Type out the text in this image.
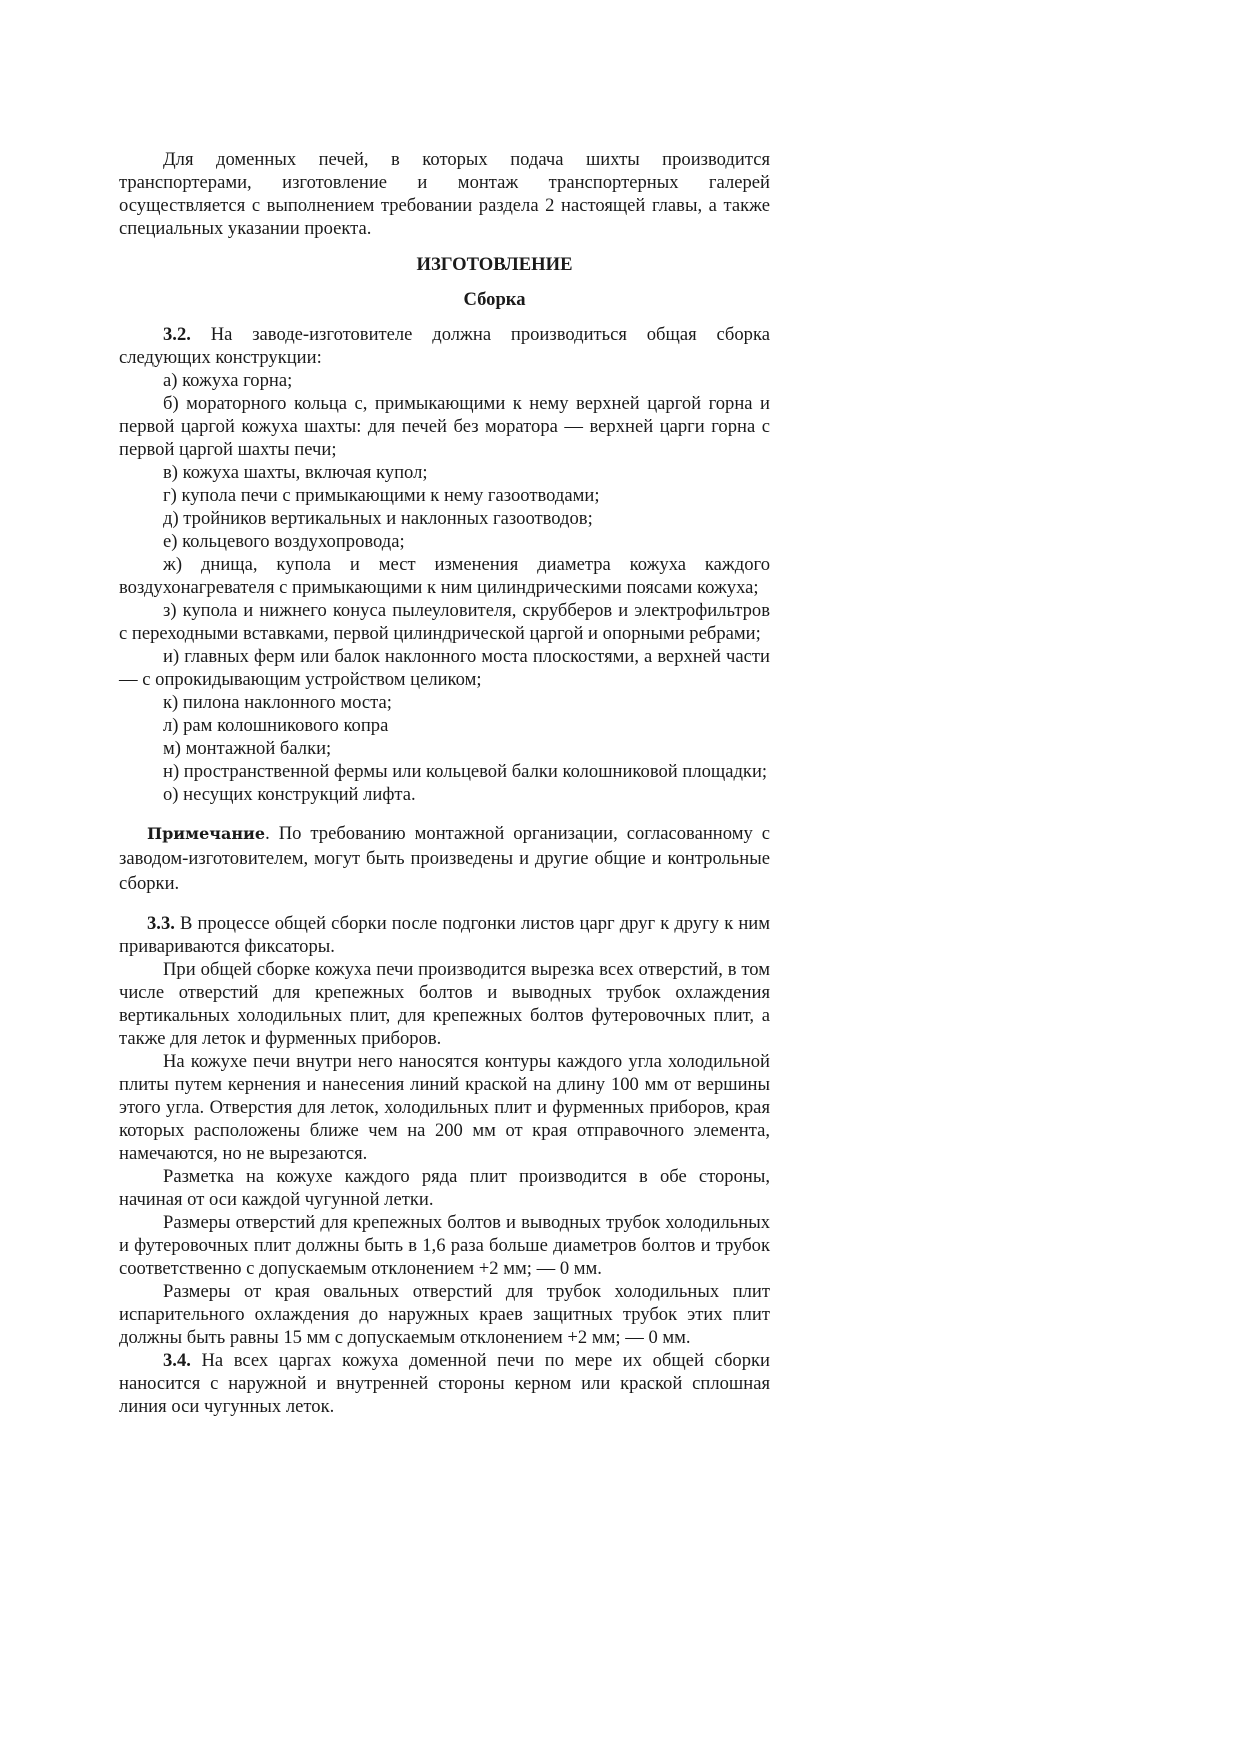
Для доменных печей, в которых подача шихты производится транспортерами, изготовление и монтаж транспортерных галерей осуществляется с выполнением требовании раздела 2 настоящей главы, а также специальных указании проекта.

ИЗГОТОВЛЕНИЕ

Сборка

3.2. На заводе-изготовителе должна производиться общая сборка следующих конструкции:

а) кожуха горна;

б) мораторного кольца с, примыкающими к нему верхней царгой горна и первой царгой кожуха шахты: для печей без моратора — верхней царги горна с первой царгой шахты печи;

в) кожуха шахты, включая купол;

г) купола печи с примыкающими к нему газоотводами;

д) тройников вертикальных и наклонных газоотводов;

е) кольцевого воздухопровода;

ж) днища, купола и мест изменения диаметра кожуха каждого воздухонагревателя с примыкающими к ним цилиндрическими поясами кожуха;

з) купола и нижнего конуса пылеуловителя, скрубберов и электрофильтров с переходными вставками, первой цилиндрической царгой и опорными ребрами;

и) главных ферм или балок наклонного моста плоскостями, а верхней части — с опрокидывающим устройством целиком;

к) пилона наклонного моста;

л) рам колошникового копра

м) монтажной балки;

н) пространственной фермы или кольцевой балки колошниковой площадки;

о) несущих конструкций лифта.

Примечание. По требованию монтажной организации, согласованному с заводом-изготовителем, могут быть произведены и другие общие и контрольные сборки.

3.3. В процессе общей сборки после подгонки листов царг друг к другу к ним привариваются фиксаторы.

При общей сборке кожуха печи производится вырезка всех отверстий, в том числе отверстий для крепежных болтов и выводных трубок охлаждения вертикальных холодильных плит, для крепежных болтов футеровочных плит, а также для леток и фурменных приборов.

На кожухе печи внутри него наносятся контуры каждого угла холодильной плиты путем кернения и нанесения линий краской на длину 100 мм от вершины этого угла. Отверстия для леток, холодильных плит и фурменных приборов, края которых расположены ближе чем на 200 мм от края отправочного элемента, намечаются, но не вырезаются.

Разметка на кожухе каждого ряда плит производится в обе стороны, начиная от оси каждой чугунной летки.

Размеры отверстий для крепежных болтов и выводных трубок холодильных и футеровочных плит должны быть в 1,6 раза больше диаметров болтов и трубок соответственно с допускаемым отклонением +2 мм; — 0 мм.

Размеры от края овальных отверстий для трубок холодильных плит испарительного охлаждения до наружных краев защитных трубок этих плит должны быть равны 15 мм с допускаемым отклонением +2 мм; — 0 мм.

3.4. На всех царгах кожуха доменной печи по мере их общей сборки наносится с наружной и внутренней стороны керном или краской сплошная линия оси чугунных леток.
